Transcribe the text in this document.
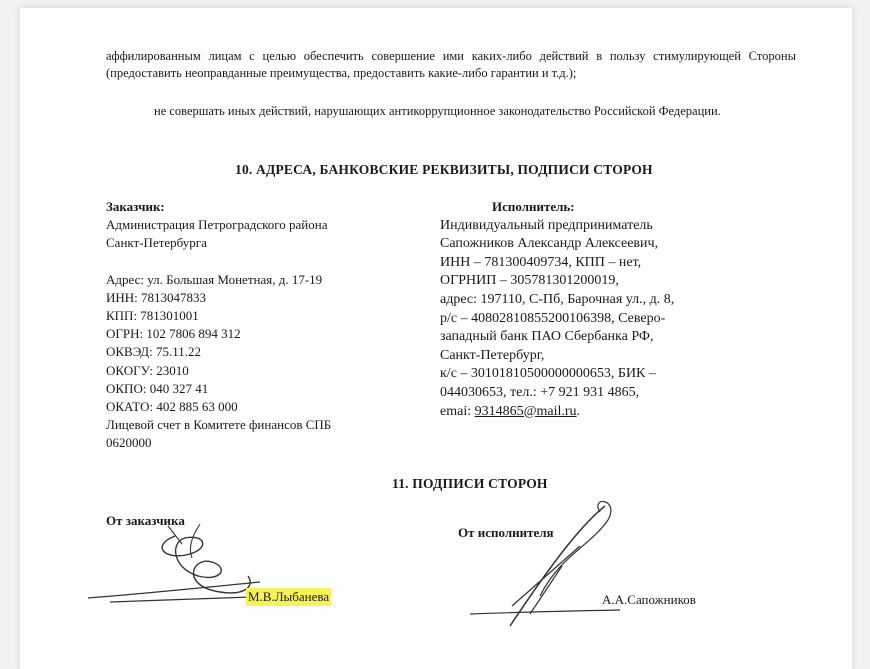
аффилированным лицам с целью обеспечить совершение ими каких-либо действий в пользу стимулирующей Стороны (предоставить неоправданные преимущества, предоставить какие-либо гарантии и т.д.);
не совершать иных действий, нарушающих антикоррупционное законодательство Российской Федерации.
10. АДРЕСА, БАНКОВСКИЕ РЕКВИЗИТЫ, ПОДПИСИ СТОРОН
Заказчик:
Администрация Петроградского района
Санкт-Петербурга
Адрес: ул. Большая Монетная, д. 17-19
ИНН: 7813047833
КПП: 781301001
ОГРН: 102 7806 894 312
ОКВЭД: 75.11.22
ОКОГУ: 23010
ОКПО: 040 327 41
ОКАТО: 402 885 63 000
Лицевой счет в Комитете финансов СПБ
0620000
Исполнитель:
Индивидуальный предприниматель
Сапожников Александр Алексеевич,
ИНН – 781300409734, КПП – нет,
ОГРНИП – 305781301200019,
адрес: 197110, С-Пб, Барочная ул., д. 8,
р/с – 40802810855200106398, Северо-
западный банк ПАО Сбербанка РФ,
Санкт-Петербург,
к/с – 30101810500000000653, БИК –
044030653, тел.: +7 921 931 4865,
emai: 9314865@mail.ru.
11. ПОДПИСИ СТОРОН
От заказчика
М.В.Лыбанева
От исполнителя
А.А.Сапожников
